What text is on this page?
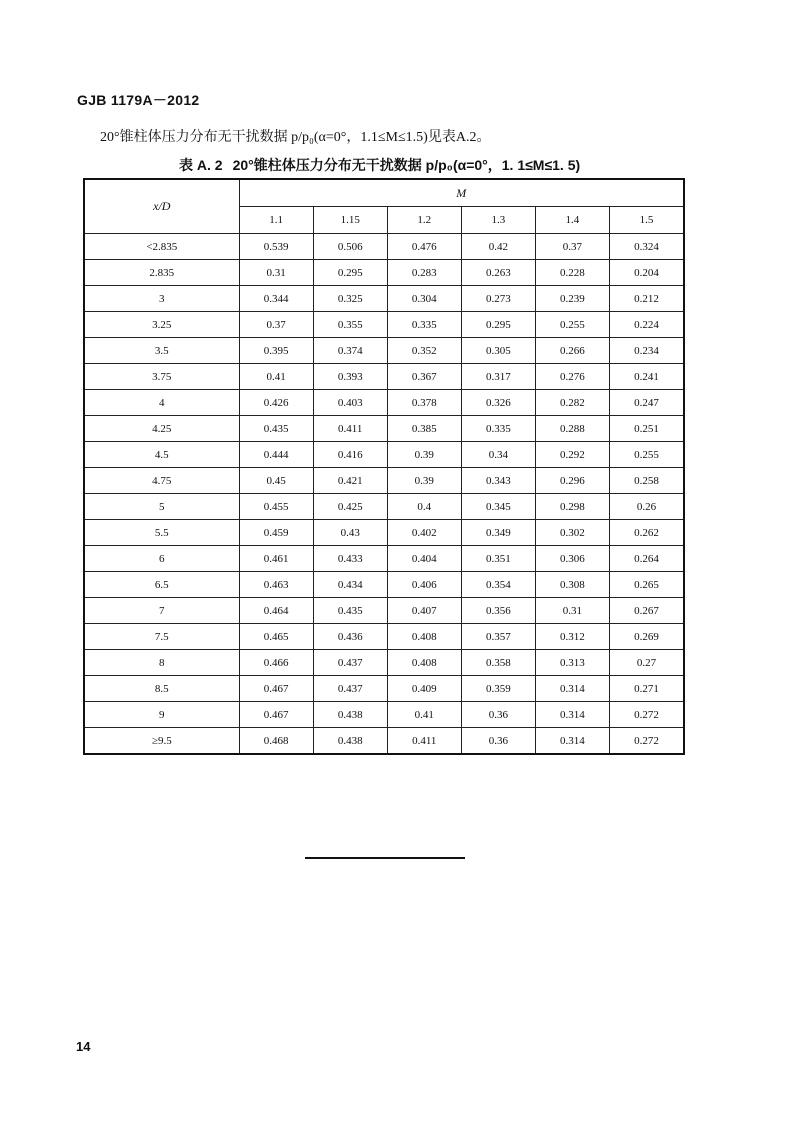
GJB 1179A－2012
20°锥柱体压力分布无干扰数据 p/p₀(α=0°，1.1≤M≤1.5)见表A.2。
表 A. 2 20°锥柱体压力分布无干扰数据 p/p₀(α=0°，1. 1≤M≤1. 5)
x/D	M					
	1.1	1.15	1.2	1.3	1.4	1.5
<2.835	0.539	0.506	0.476	0.42	0.37	0.324
2.835	0.31	0.295	0.283	0.263	0.228	0.204
3	0.344	0.325	0.304	0.273	0.239	0.212
3.25	0.37	0.355	0.335	0.295	0.255	0.224
3.5	0.395	0.374	0.352	0.305	0.266	0.234
3.75	0.41	0.393	0.367	0.317	0.276	0.241
4	0.426	0.403	0.378	0.326	0.282	0.247
4.25	0.435	0.411	0.385	0.335	0.288	0.251
4.5	0.444	0.416	0.39	0.34	0.292	0.255
4.75	0.45	0.421	0.39	0.343	0.296	0.258
5	0.455	0.425	0.4	0.345	0.298	0.26
5.5	0.459	0.43	0.402	0.349	0.302	0.262
6	0.461	0.433	0.404	0.351	0.306	0.264
6.5	0.463	0.434	0.406	0.354	0.308	0.265
7	0.464	0.435	0.407	0.356	0.31	0.267
7.5	0.465	0.436	0.408	0.357	0.312	0.269
8	0.466	0.437	0.408	0.358	0.313	0.27
8.5	0.467	0.437	0.409	0.359	0.314	0.271
9	0.467	0.438	0.41	0.36	0.314	0.272
≥9.5	0.468	0.438	0.411	0.36	0.314	0.272
14
